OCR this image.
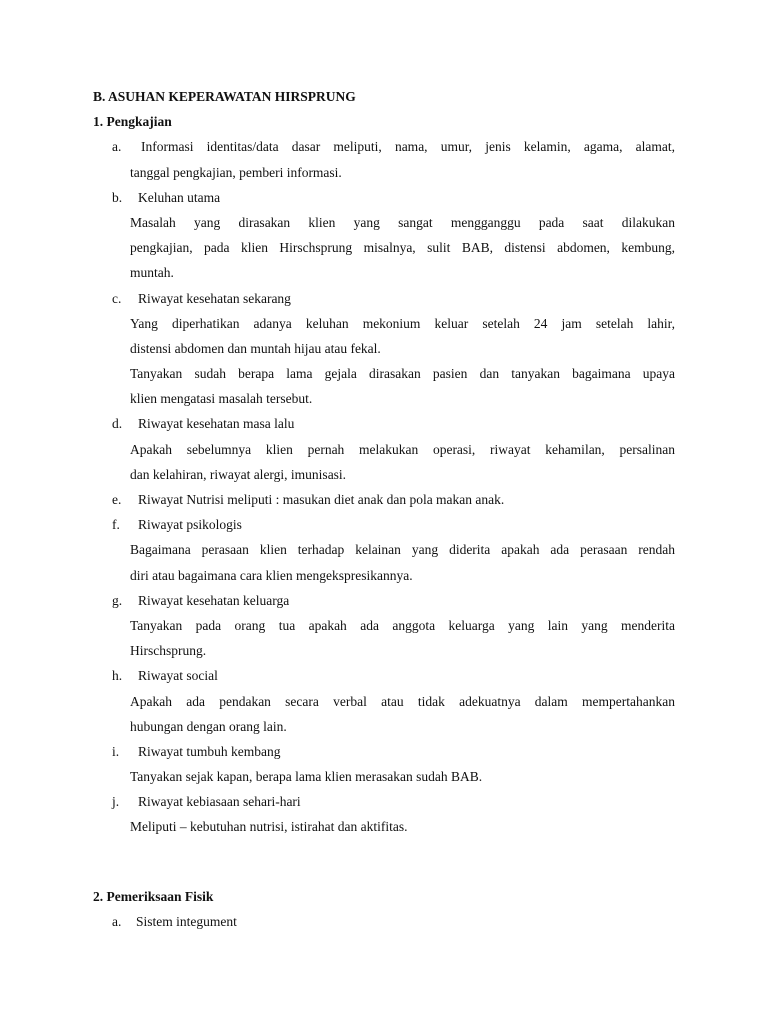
B. ASUHAN KEPERAWATAN HIRSPRUNG
1. Pengkajian
a. Informasi identitas/data dasar meliputi, nama, umur, jenis kelamin, agama, alamat,
tanggal pengkajian, pemberi informasi.
b. Keluhan utama
Masalah yang dirasakan klien yang sangat mengganggu pada saat dilakukan
pengkajian, pada klien Hirschsprung misalnya, sulit BAB, distensi abdomen, kembung,
muntah.
c. Riwayat kesehatan sekarang
Yang diperhatikan adanya keluhan mekonium keluar setelah 24 jam setelah lahir,
distensi abdomen dan muntah hijau atau fekal.
Tanyakan sudah berapa lama gejala dirasakan pasien dan tanyakan bagaimana upaya
klien mengatasi masalah tersebut.
d. Riwayat kesehatan masa lalu
Apakah sebelumnya klien pernah melakukan operasi, riwayat kehamilan, persalinan
dan kelahiran, riwayat alergi, imunisasi.
e. Riwayat Nutrisi meliputi : masukan diet anak dan pola makan anak.
f. Riwayat psikologis
Bagaimana perasaan klien terhadap kelainan yang diderita apakah ada perasaan rendah
diri atau bagaimana cara klien mengekspresikannya.
g. Riwayat kesehatan keluarga
Tanyakan pada orang tua apakah ada anggota keluarga yang lain yang menderita
Hirschsprung.
h. Riwayat social
Apakah ada pendakan secara verbal atau tidak adekuatnya dalam mempertahankan
hubungan dengan orang lain.
i. Riwayat tumbuh kembang
Tanyakan sejak kapan, berapa lama klien merasakan sudah BAB.
j. Riwayat kebiasaan sehari-hari
Meliputi – kebutuhan nutrisi, istirahat dan aktifitas.
2. Pemeriksaan Fisik
a. Sistem integument
